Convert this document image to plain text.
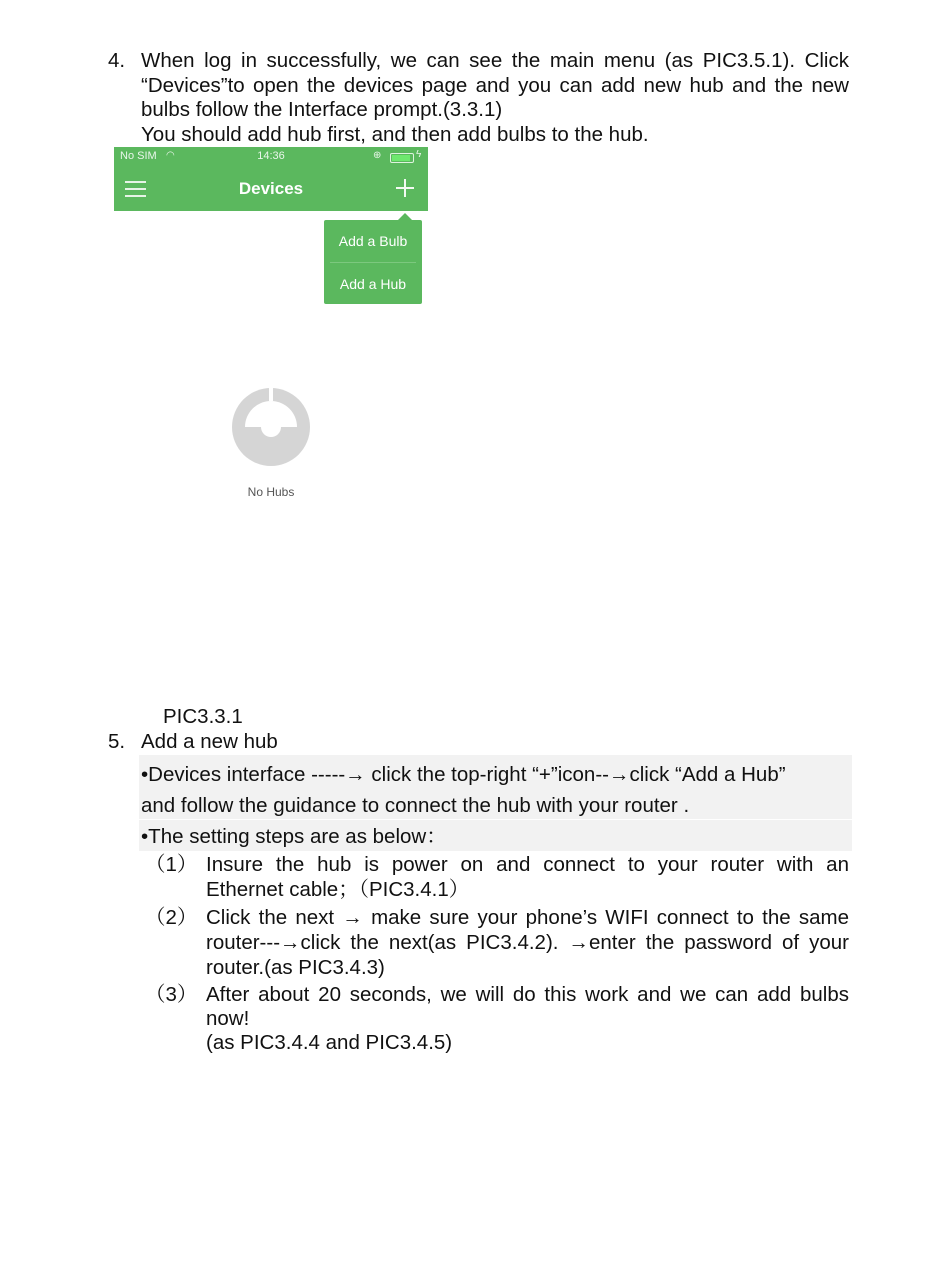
4. When log in successfully, we can see the main menu (as PIC3.5.1). Click
“Devices”to open the devices page and you can add new hub and the new
bulbs follow the Interface prompt.(3.3.1)
You should add hub first, and then add bulbs to the hub.
No SIM ◠	14:36	⊕	ϟ
Devices
Add a Bulb
Add a Hub
No Hubs
PIC3.3.1
5. Add a new hub
•Devices interface -----→ click the top-right “+”icon--→click “Add a Hub”
and follow the guidance to connect the hub with your router .
•The setting steps are as below：
（1） Insure the hub is power on and connect to your router with an
Ethernet cable；（PIC3.4.1）
（2） Click the next → make sure your phone’s WIFI connect to the same
router---→click the next(as PIC3.4.2). →enter the password of your
router.(as PIC3.4.3)
（3） After about 20 seconds, we will do this work and we can add bulbs
now!
(as PIC3.4.4 and PIC3.4.5)
